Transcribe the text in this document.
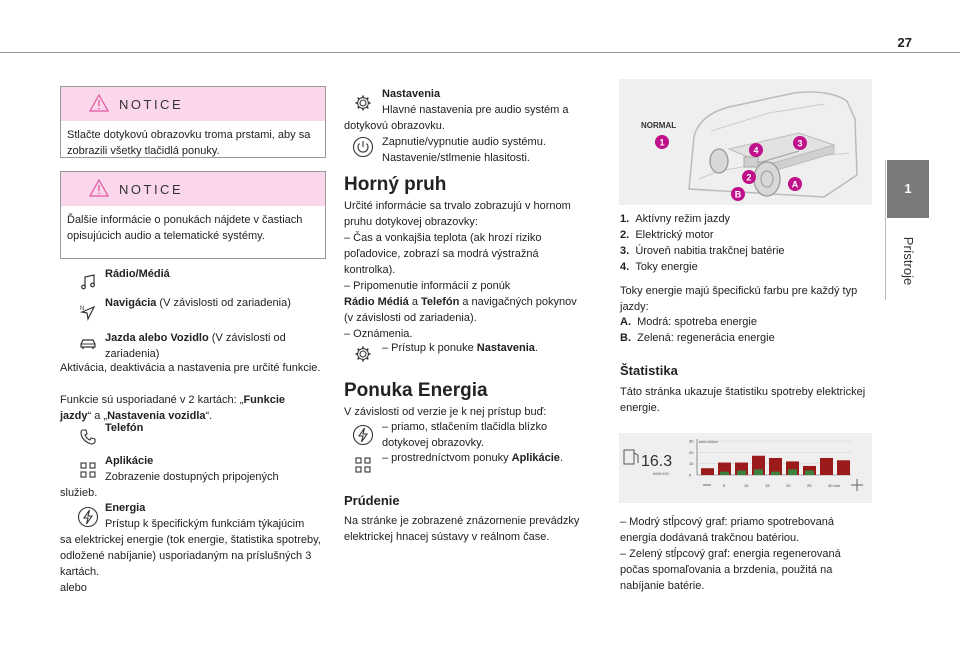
27
1
Prístroje
NOTICE
Stlačte dotykovú obrazovku troma prstami, aby sa zobrazili všetky tlačidlá ponuky.
NOTICE
Ďalšie informácie o ponukách nájdete v častiach opisujúcich audio a telematické systémy.
Rádio/Médiá
N Navigácia (V závislosti od zariadenia)
Jazda alebo Vozidlo (V závislosti od
zariadenia)
Aktivácia, deaktivácia a nastavenia pre určité funkcie.
Funkcie sú usporiadané v 2 kartách: „Funkcie
jazdy“ a „Nastavenia vozidla“.
Telefón
Aplikácie
Zobrazenie dostupných pripojených
služieb.
Energia
Prístup k špecifickým funkciám týkajúcim
sa elektrickej energie (tok energie, štatistika spotreby, odložené nabíjanie) usporiadaným na príslušných 3 kartách.
alebo
Nastavenia
Hlavné nastavenia pre audio systém a
dotykovú obrazovku.
Zapnutie/vypnutie audio systému.
Nastavenie/stlmenie hlasitosti.
Horný pruh
Určité informácie sa trvalo zobrazujú v hornom pruhu dotykovej obrazovky:
– Čas a vonkajšia teplota (ak hrozí riziko poľadovice, zobrazí sa modrá výstražná kontrolka).
– Pripomenutie informácií z ponúk
Rádio Médiá a Telefón a navigačných pokynov
(v závislosti od zariadenia).
– Oznámenia.
– Prístup k ponuke Nastavenia.
Ponuka Energia
V závislosti od verzie je k nej prístup buď:
– priamo, stlačením tlačidla blízko
dotykovej obrazovky.
– prostredníctvom ponuky Aplikácie.
Prúdenie
Na stránke je zobrazené znázornenie prevádzky elektrickej hnacej sústavy v reálnom čase.
NORMAL
1
2
3
4
A
B
1. Aktívny režim jazdy
2. Elektrický motor
3. Úroveň nabitia trakčnej batérie
4. Toky energie
Toky energie majú špecifickú farbu pre každý typ jazdy:
A. Modrá: spotreba energie
B. Zelená: regenerácia energie
Štatistika
Táto stránka ukazuje štatistiku spotreby elektrickej energie.
16.3
kWh/100
kWh/100km
30
20
10
0
5	10	15	20	25	30 min
– Modrý stĺpcový graf: priamo spotrebovaná energia dodávaná trakčnou batériou.
– Zelený stĺpcový graf: energia regenerovaná počas spomaľovania a brzdenia, použitá na nabíjanie batérie.
